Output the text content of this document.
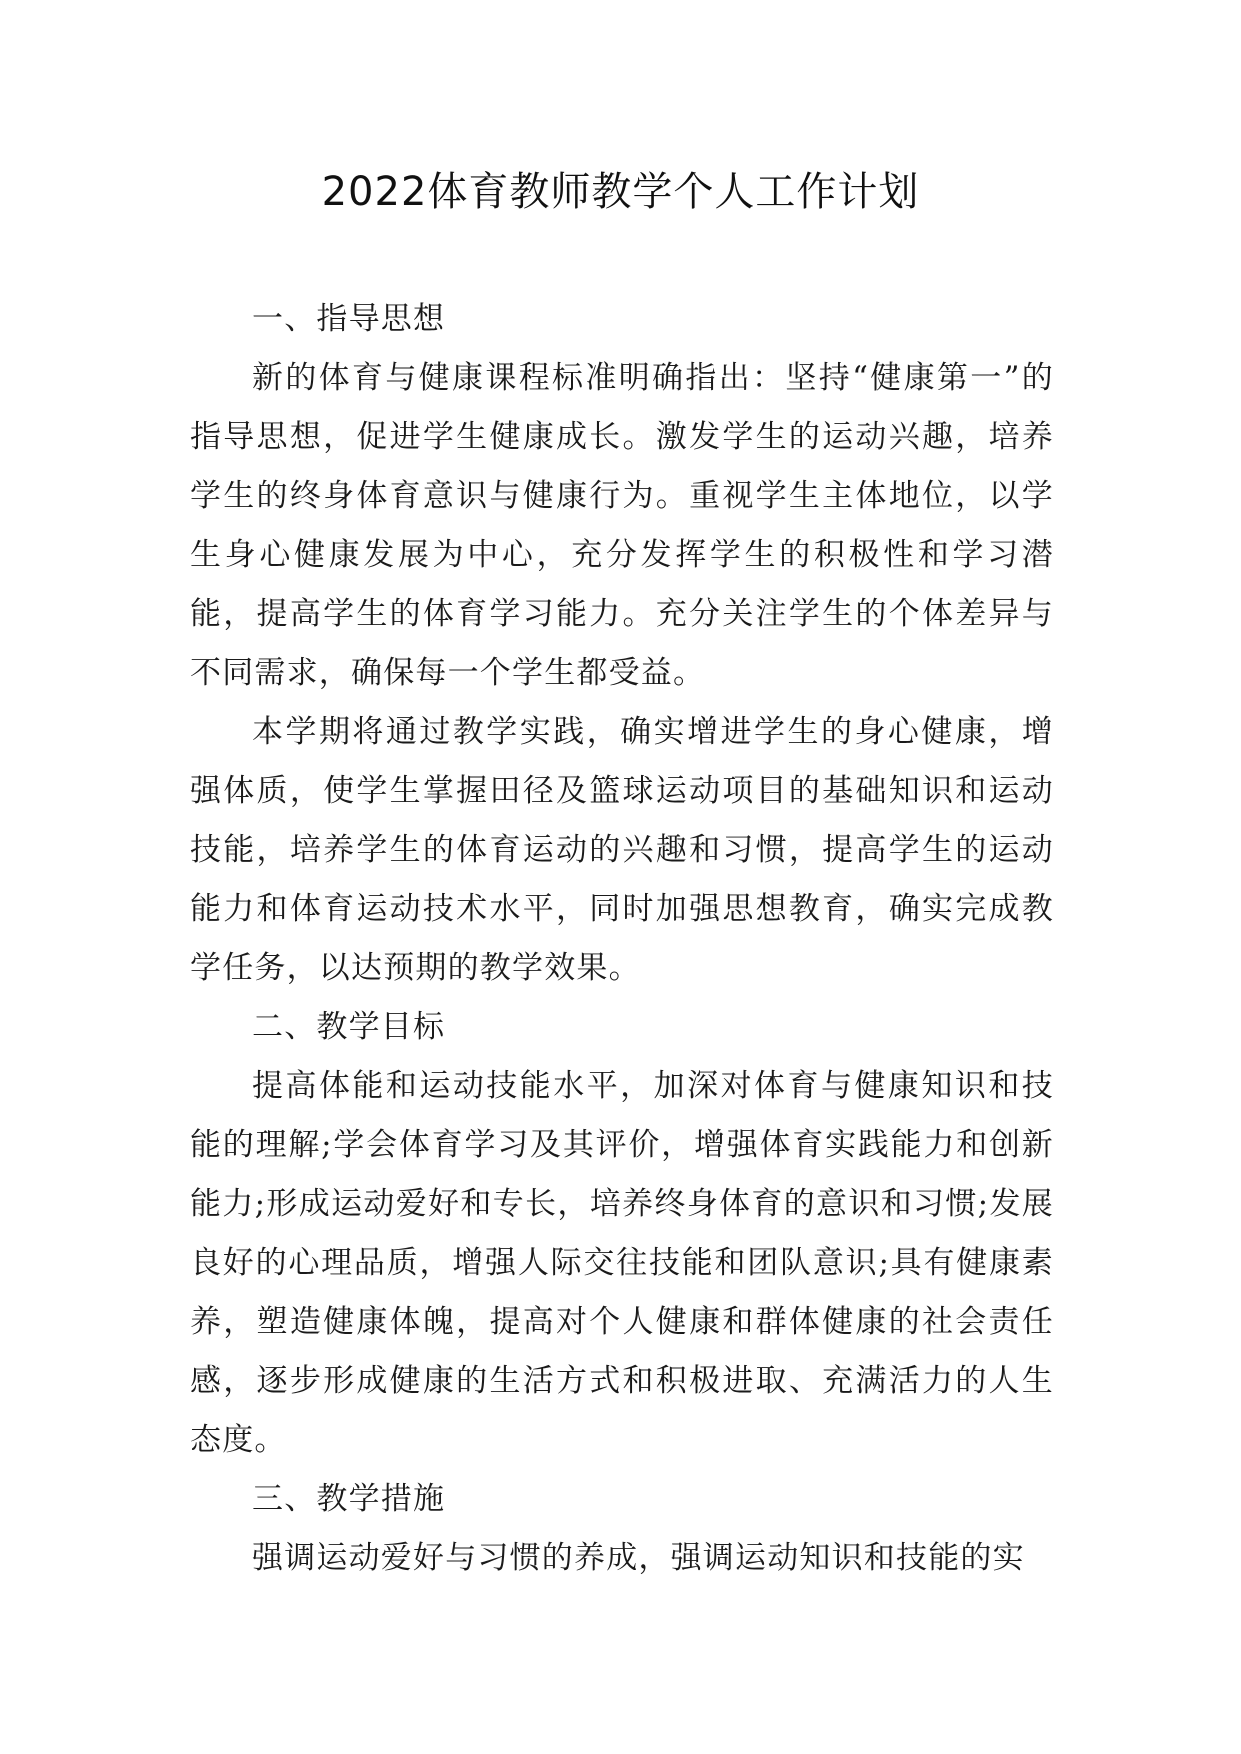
2022体育教师教学个人工作计划

一、指导思想

新的体育与健康课程标准明确指出：坚持“健康第一”的指导思想，促进学生健康成长。激发学生的运动兴趣，培养学生的终身体育意识与健康行为。重视学生主体地位，以学生身心健康发展为中心，充分发挥学生的积极性和学习潜能，提高学生的体育学习能力。充分关注学生的个体差异与不同需求，确保每一个学生都受益。

本学期将通过教学实践，确实增进学生的身心健康，增强体质，使学生掌握田径及篮球运动项目的基础知识和运动技能，培养学生的体育运动的兴趣和习惯，提高学生的运动能力和体育运动技术水平，同时加强思想教育，确实完成教学任务，以达预期的教学效果。

二、教学目标

提高体能和运动技能水平，加深对体育与健康知识和技能的理解;学会体育学习及其评价，增强体育实践能力和创新能力;形成运动爱好和专长，培养终身体育的意识和习惯;发展良好的心理品质，增强人际交往技能和团队意识;具有健康素养，塑造健康体魄，提高对个人健康和群体健康的社会责任感，逐步形成健康的生活方式和积极进取、充满活力的人生态度。

三、教学措施

强调运动爱好与习惯的养成，强调运动知识和技能的实
